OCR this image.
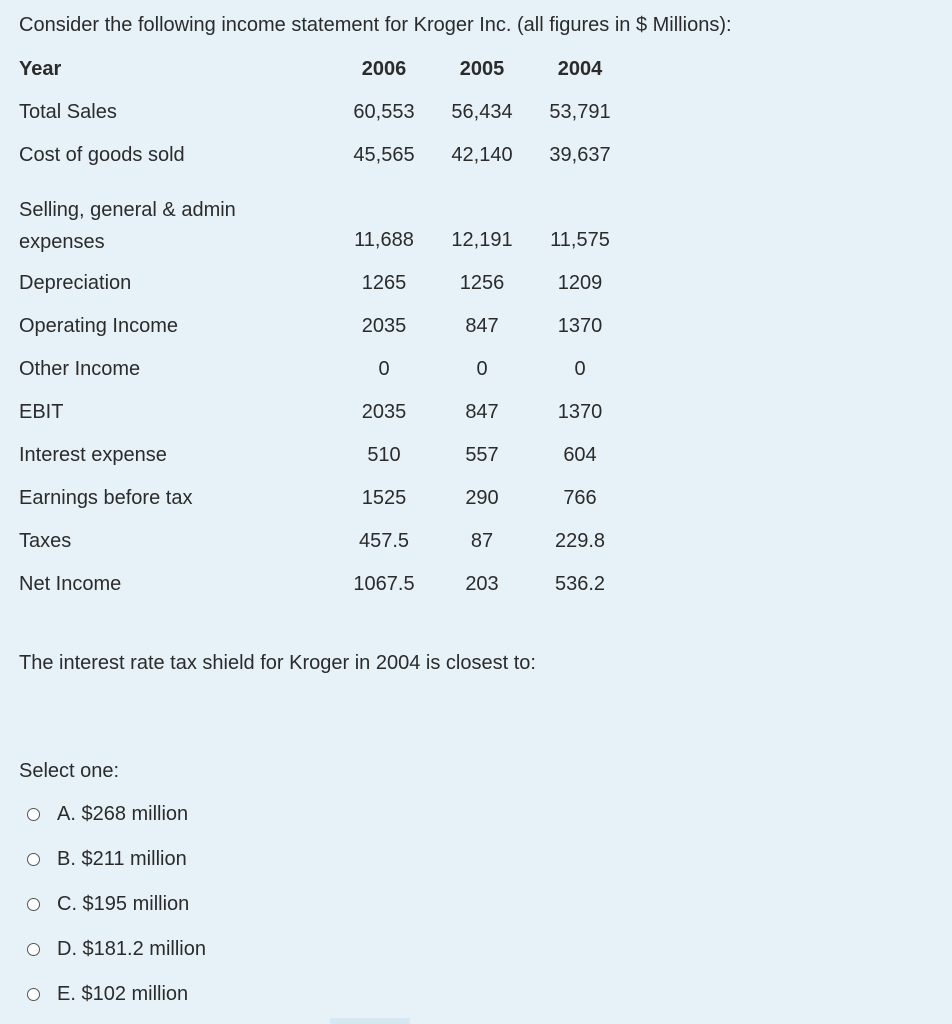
Consider the following income statement for Kroger Inc. (all figures in $ Millions):
Year	2006	2005	2004
Total Sales	60,553	56,434	53,791
Cost of goods sold	45,565	42,140	39,637
Selling, general & admin
expenses	11,688	12,191	11,575
Depreciation	1265	1256	1209
Operating Income	2035	847	1370
Other Income	0	0	0
EBIT	2035	847	1370
Interest expense	510	557	604
Earnings before tax	1525	290	766
Taxes	457.5	87	229.8
Net Income	1067.5	203	536.2
The interest rate tax shield for Kroger in 2004 is closest to:
Select one:
A. $268 million
B. $211 million
C. $195 million
D. $181.2 million
E. $102 million
